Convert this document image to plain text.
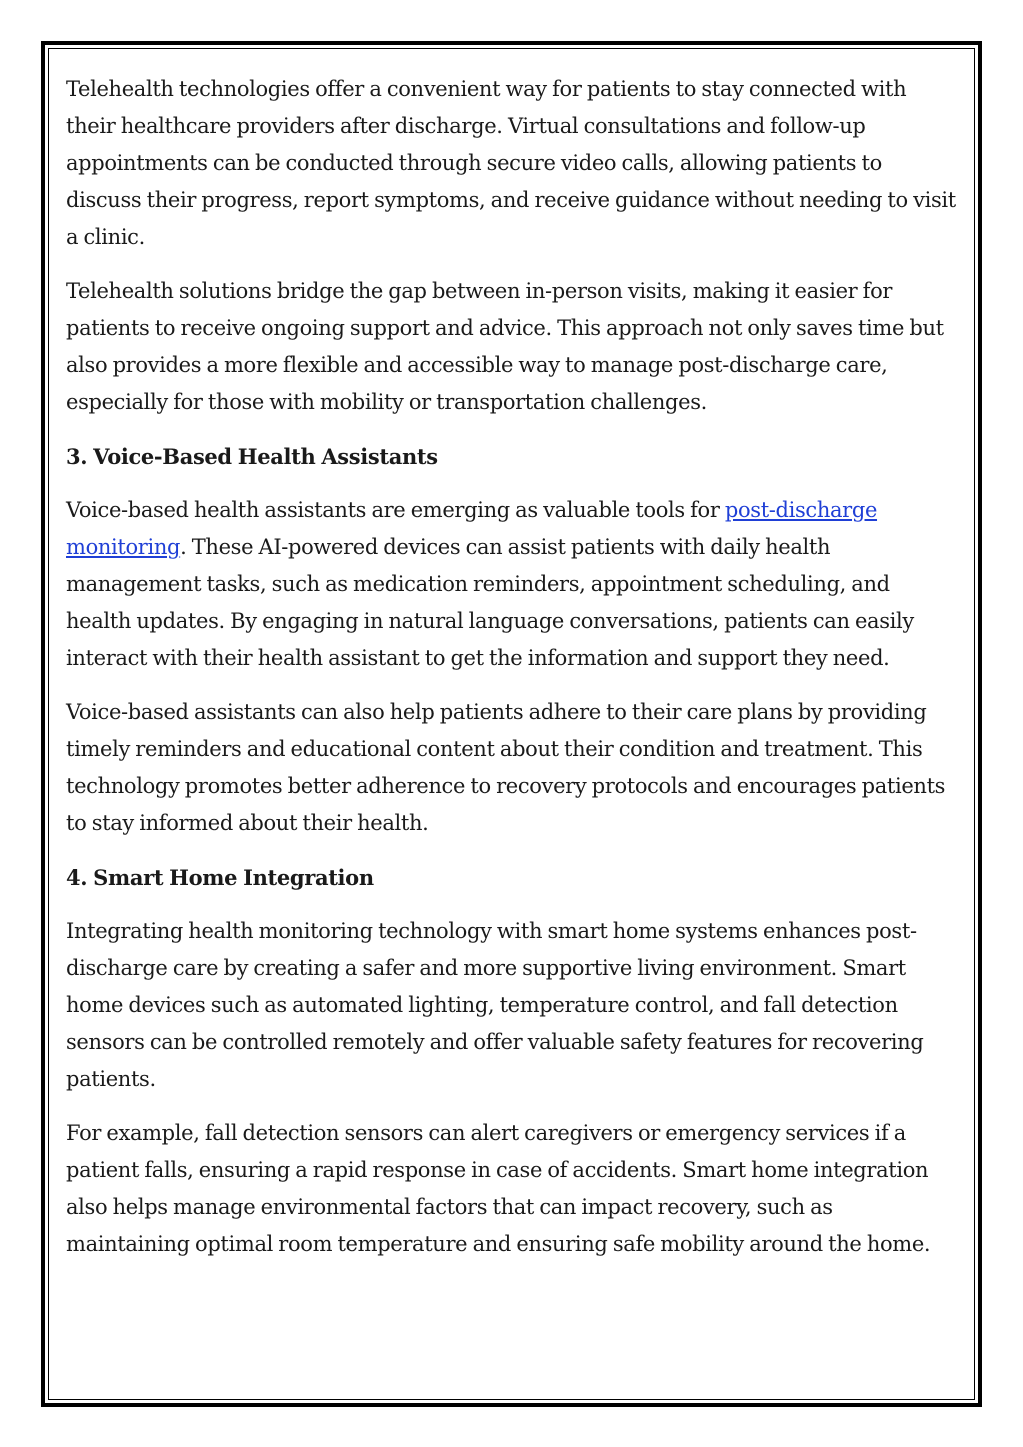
Telehealth technologies offer a convenient way for patients to stay connected with their healthcare providers after discharge. Virtual consultations and follow-up appointments can be conducted through secure video calls, allowing patients to discuss their progress, report symptoms, and receive guidance without needing to visit a clinic.

Telehealth solutions bridge the gap between in-person visits, making it easier for patients to receive ongoing support and advice. This approach not only saves time but also provides a more flexible and accessible way to manage post-discharge care, especially for those with mobility or transportation challenges.

3. Voice-Based Health Assistants

Voice-based health assistants are emerging as valuable tools for post-discharge monitoring. These AI-powered devices can assist patients with daily health management tasks, such as medication reminders, appointment scheduling, and health updates. By engaging in natural language conversations, patients can easily interact with their health assistant to get the information and support they need.

Voice-based assistants can also help patients adhere to their care plans by providing timely reminders and educational content about their condition and treatment. This technology promotes better adherence to recovery protocols and encourages patients to stay informed about their health.

4. Smart Home Integration

Integrating health monitoring technology with smart home systems enhances post-discharge care by creating a safer and more supportive living environment. Smart home devices such as automated lighting, temperature control, and fall detection sensors can be controlled remotely and offer valuable safety features for recovering patients.

For example, fall detection sensors can alert caregivers or emergency services if a patient falls, ensuring a rapid response in case of accidents. Smart home integration also helps manage environmental factors that can impact recovery, such as maintaining optimal room temperature and ensuring safe mobility around the home.
